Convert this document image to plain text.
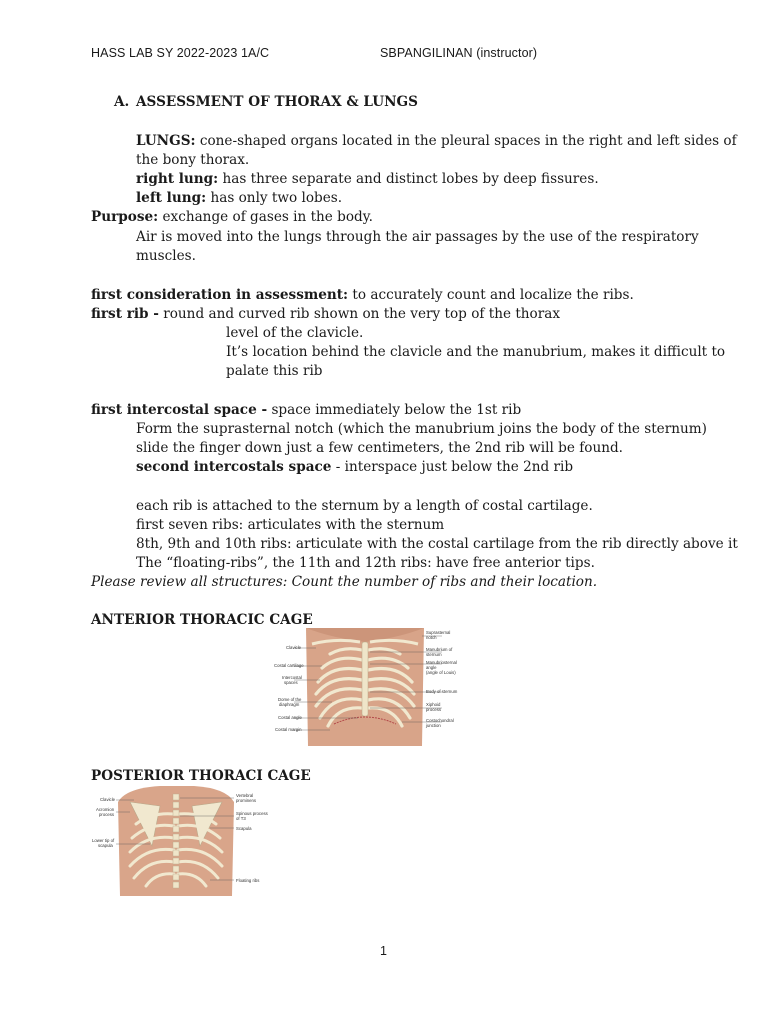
HASS LAB SY 2022-2023 1A/C	SBPANGILINAN (instructor)
A. ASSESSMENT OF THORAX & LUNGS
LUNGS: cone-shaped organs located in the pleural spaces in the right and left sides of
the bony thorax.
right lung: has three separate and distinct lobes by deep fissures.
left lung: has only two lobes.
Purpose: exchange of gases in the body.
Air is moved into the lungs through the air passages by the use of the respiratory
muscles.
first consideration in assessment: to accurately count and localize the ribs.
first rib - round and curved rib shown on the very top of the thorax
level of the clavicle.
It’s location behind the clavicle and the manubrium, makes it difficult to
palate this rib
first intercostal space - space immediately below the 1st rib
Form the suprasternal notch (which the manubrium joins the body of the sternum)
slide the finger down just a few centimeters, the 2nd rib will be found.
second intercostals space - interspace just below the 2nd rib
each rib is attached to the sternum by a length of costal cartilage.
first seven ribs: articulates with the sternum
8th, 9th and 10th ribs: articulate with the costal cartilage from the rib directly above it
The “floating-ribs”, the 11th and 12th ribs: have free anterior tips.
Please review all structures: Count the number of ribs and their location.
ANTERIOR THORACIC CAGE
Clavicle
Costal cartilage
Intercostal
spaces
Dome of the
diaphragm
Costal angle
Costal margin
Suprasternal
notch
Manubrium of
sternum
Manubriosternal
angle
(angle of Louis)
Body of sternum
Xiphoid
process
Costochondral
junction
POSTERIOR THORACI CAGE
Clavicle
Acromion
process
Lower tip of
scapula
Vertebral
prominens
Spinous process
of T3
Scapula
Floating ribs
1
